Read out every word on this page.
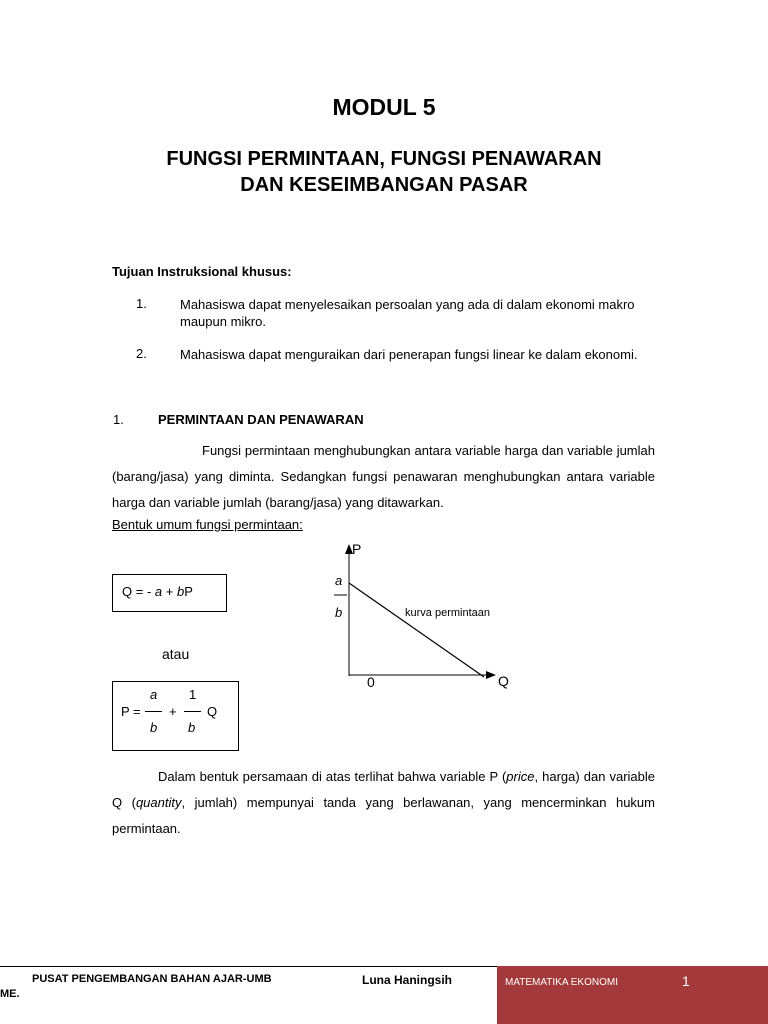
MODUL 5
FUNGSI PERMINTAAN, FUNGSI PENAWARAN
DAN KESEIMBANGAN PASAR
Tujuan Instruksional khusus:
1.	Mahasiswa dapat menyelesaikan persoalan yang ada di dalam ekonomi makro maupun mikro.
2.	Mahasiswa dapat menguraikan dari penerapan fungsi linear ke dalam ekonomi.
1.	PERMINTAAN DAN PENAWARAN
Fungsi permintaan menghubungkan antara variable harga dan variable jumlah (barang/jasa) yang diminta. Sedangkan fungsi penawaran menghubungkan antara variable harga dan variable jumlah (barang/jasa) yang ditawarkan.
Bentuk umum fungsi permintaan:
Q = - a + bP
atau
P =
a
b
+
1
b
Q
P
a
b	kurva permintaan
0	Q
Dalam bentuk persamaan di atas terlihat bahwa variable P (price, harga) dan variable Q (quantity, jumlah) mempunyai tanda yang berlawanan, yang mencerminkan hukum permintaan.
PUSAT PENGEMBANGAN BAHAN AJAR-UMB
ME.
Luna Haningsih	MATEMATIKA EKONOMI	1
